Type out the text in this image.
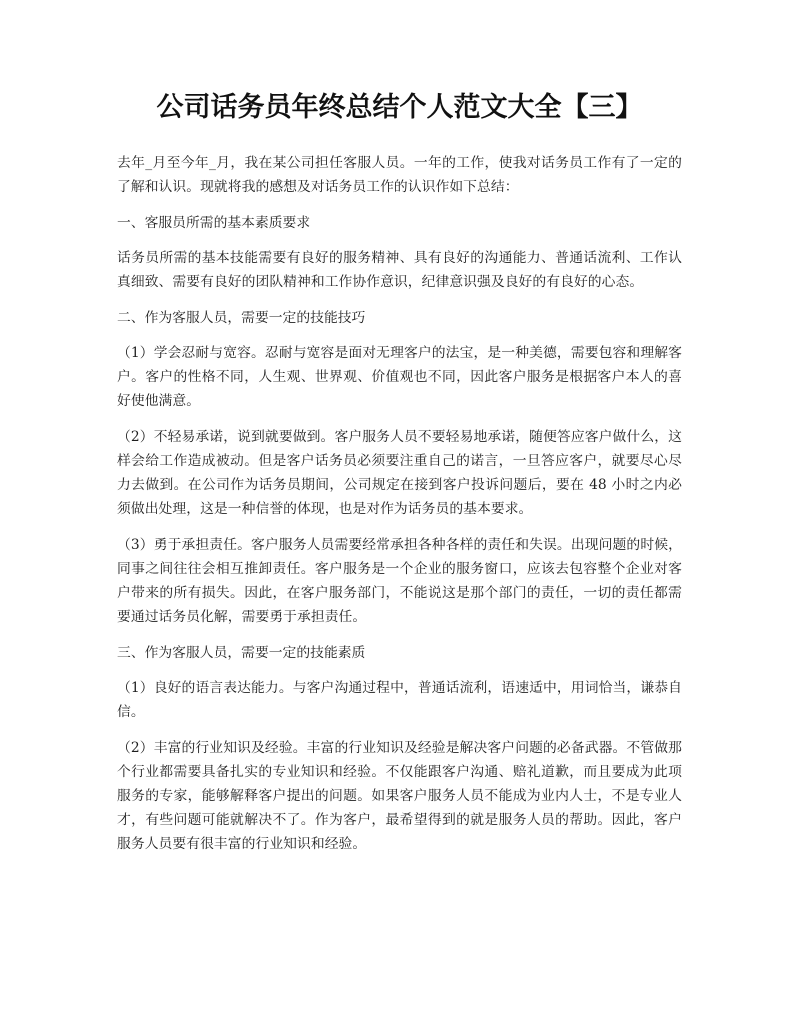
公司话务员年终总结个人范文大全【三】

去年_月至今年_月，我在某公司担任客服人员。一年的工作，使我对话务员工作有了一定的了解和认识。现就将我的感想及对话务员工作的认识作如下总结：

一、客服员所需的基本素质要求

话务员所需的基本技能需要有良好的服务精神、具有良好的沟通能力、普通话流利、工作认真细致、需要有良好的团队精神和工作协作意识，纪律意识强及良好的有良好的心态。

二、作为客服人员，需要一定的技能技巧

（1）学会忍耐与宽容。忍耐与宽容是面对无理客户的法宝，是一种美德，需要包容和理解客户。客户的性格不同，人生观、世界观、价值观也不同，因此客户服务是根据客户本人的喜好使他满意。

（2）不轻易承诺，说到就要做到。客户服务人员不要轻易地承诺，随便答应客户做什么，这样会给工作造成被动。但是客户话务员必须要注重自己的诺言，一旦答应客户，就要尽心尽力去做到。在公司作为话务员期间，公司规定在接到客户投诉问题后，要在 48 小时之内必须做出处理，这是一种信誉的体现，也是对作为话务员的基本要求。

（3）勇于承担责任。客户服务人员需要经常承担各种各样的责任和失误。出现问题的时候，同事之间往往会相互推卸责任。客户服务是一个企业的服务窗口，应该去包容整个企业对客户带来的所有损失。因此，在客户服务部门，不能说这是那个部门的责任，一切的责任都需要通过话务员化解，需要勇于承担责任。

三、作为客服人员，需要一定的技能素质

（1）良好的语言表达能力。与客户沟通过程中，普通话流利，语速适中，用词恰当，谦恭自信。

（2）丰富的行业知识及经验。丰富的行业知识及经验是解决客户问题的必备武器。不管做那个行业都需要具备扎实的专业知识和经验。不仅能跟客户沟通、赔礼道歉，而且要成为此项服务的专家，能够解释客户提出的问题。如果客户服务人员不能成为业内人士，不是专业人才，有些问题可能就解决不了。作为客户，最希望得到的就是服务人员的帮助。因此，客户服务人员要有很丰富的行业知识和经验。
